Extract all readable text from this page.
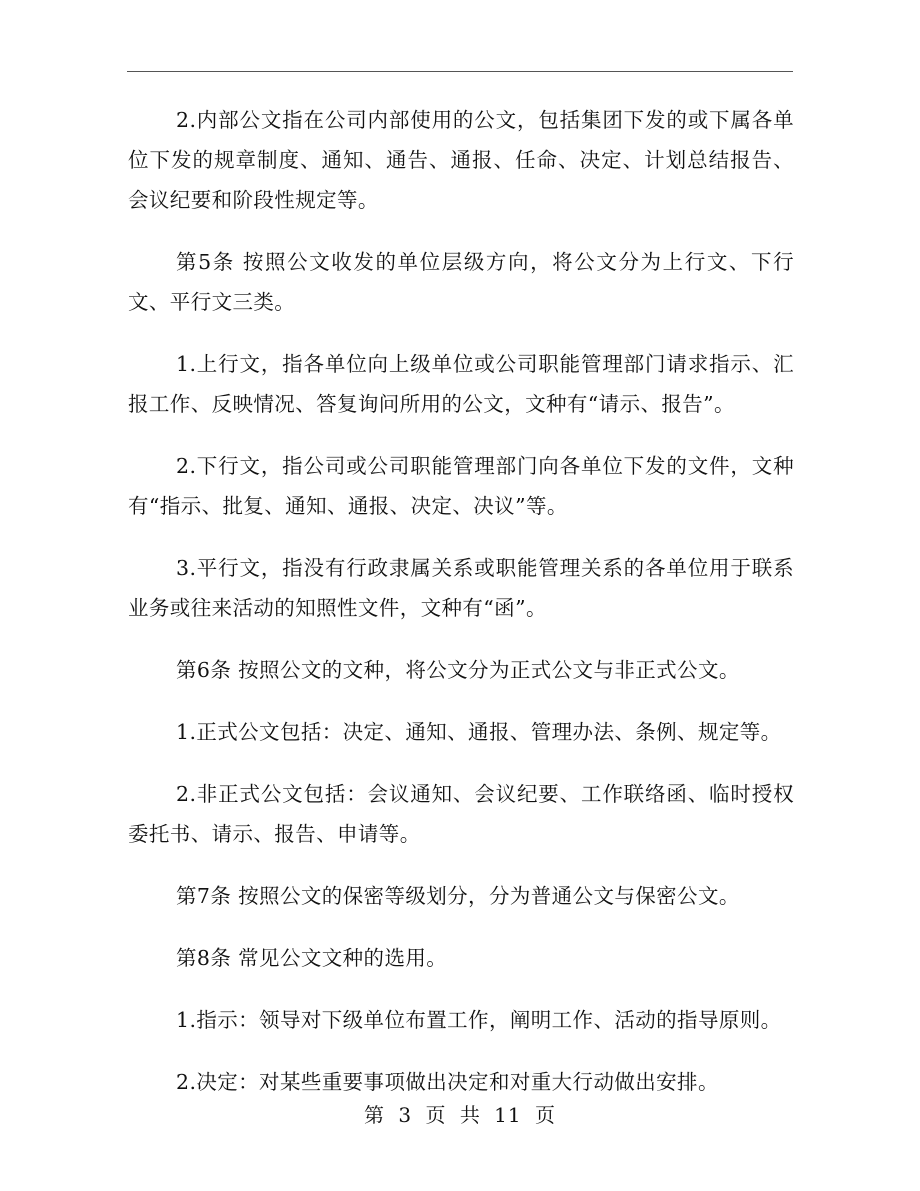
2.内部公文指在公司内部使用的公文，包括集团下发的或下属各单位下发的规章制度、通知、通告、通报、任命、决定、计划总结报告、会议纪要和阶段性规定等。

第5条 按照公文收发的单位层级方向，将公文分为上行文、下行文、平行文三类。

1.上行文，指各单位向上级单位或公司职能管理部门请求指示、汇报工作、反映情况、答复询问所用的公文，文种有“请示、报告”。

2.下行文，指公司或公司职能管理部门向各单位下发的文件，文种有“指示、批复、通知、通报、决定、决议”等。

3.平行文，指没有行政隶属关系或职能管理关系的各单位用于联系业务或往来活动的知照性文件，文种有“函”。

第6条 按照公文的文种，将公文分为正式公文与非正式公文。

1.正式公文包括：决定、通知、通报、管理办法、条例、规定等。

2.非正式公文包括：会议通知、会议纪要、工作联络函、临时授权委托书、请示、报告、申请等。

第7条 按照公文的保密等级划分，分为普通公文与保密公文。

第8条 常见公文文种的选用。

1.指示：领导对下级单位布置工作，阐明工作、活动的指导原则。

2.决定：对某些重要事项做出决定和对重大行动做出安排。

第 3 页 共 11 页
